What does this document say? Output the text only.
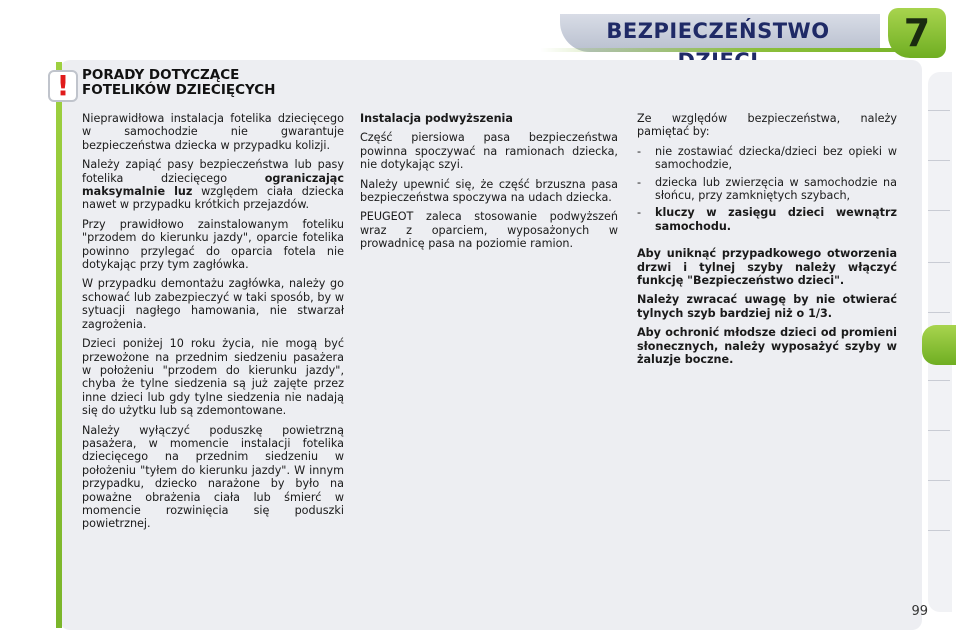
BEZPIECZEŃSTWO	7
! PORADY DOTYCZĄCE
FOTELIKÓW DZIECIĘCYCH

Nieprawidłowa instalacja fotelika dziecięcego w samochodzie nie gwarantuje bezpieczeństwa dziecka w przypadku kolizji.

Należy zapiąć pasy bezpieczeństwa lub pasy fotelika dziecięcego ograniczając maksymalnie luz względem ciała dziecka nawet w przypadku krótkich przejazdów.

Przy prawidłowo zainstalowanym foteliku "przodem do kierunku jazdy", oparcie fotelika powinno przylegać do oparcia fotela nie dotykając przy tym zagłówka.

W przypadku demontażu zagłówka, należy go schować lub zabezpieczyć w taki sposób, by w sytuacji nagłego hamowania, nie stwarzał zagrożenia.

Dzieci poniżej 10 roku życia, nie mogą być przewożone na przednim siedzeniu pasażera w położeniu "przodem do kierunku jazdy", chyba że tylne siedzenia są już zajęte przez inne dzieci lub gdy tylne siedzenia nie nadają się do użytku lub są zdemontowane.

Należy wyłączyć poduszkę powietrzną pasażera, w momencie instalacji fotelika dziecięcego na przednim siedzeniu w położeniu "tyłem do kierunku jazdy". W innym przypadku, dziecko narażone by było na poważne obrażenia ciała lub śmierć w momencie rozwinięcia się poduszki powietrznej.

Instalacja podwyższenia

Część piersiowa pasa bezpieczeństwa powinna spoczywać na ramionach dziecka, nie dotykając szyi.

Należy upewnić się, że część brzuszna pasa bezpieczeństwa spoczywa na udach dziecka.

PEUGEOT zaleca stosowanie podwyższeń wraz z oparciem, wyposażonych w prowadnicę pasa na poziomie ramion.

Ze względów bezpieczeństwa, należy pamiętać by:

-	nie zostawiać dziecka/dzieci bez opieki w samochodzie,
-	dziecka lub zwierzęcia w samochodzie na słońcu, przy zamkniętych szybach,
-	kluczy w zasięgu dzieci wewnątrz samochodu.

Aby uniknąć przypadkowego otworzenia drzwi i tylnej szyby należy włączyć funkcję "Bezpieczeństwo dzieci".

Należy zwracać uwagę by nie otwierać tylnych szyb bardziej niż o 1/3.

Aby ochronić młodsze dzieci od promieni słonecznych, należy wyposażyć szyby w żaluzje boczne.

99
